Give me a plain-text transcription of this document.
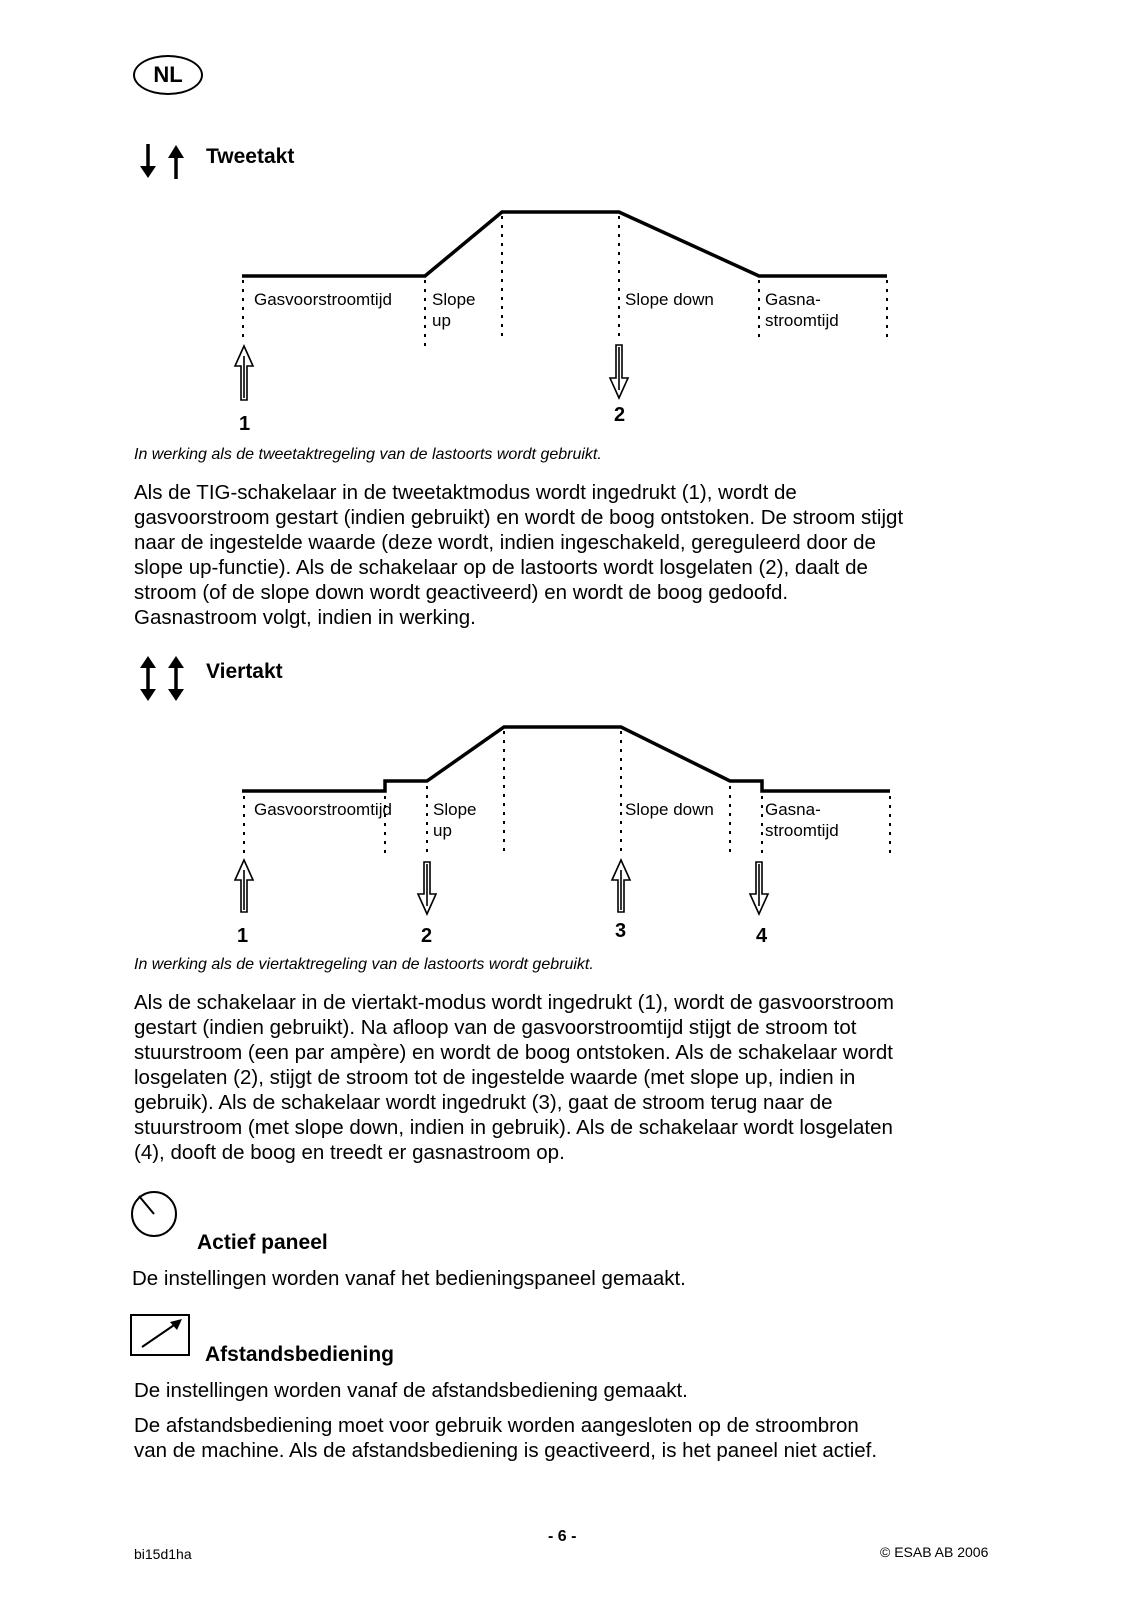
NL
Tweetakt
Gasvoorstroomtijd Slope
up
Slope down	Gasna-
stroomtijd
1	2
In werking als de tweetaktregeling van de lastoorts wordt gebruikt.
Als de TIG-schakelaar in de tweetaktmodus wordt ingedrukt (1), wordt de
gasvoorstroom gestart (indien gebruikt) en wordt de boog ontstoken. De stroom stijgt
naar de ingestelde waarde (deze wordt, indien ingeschakeld, gereguleerd door de
slope up-functie). Als de schakelaar op de lastoorts wordt losgelaten (2), daalt de
stroom (of de slope down wordt geactiveerd) en wordt de boog gedoofd.
Gasnastroom volgt, indien in werking.
Viertakt
Gasvoorstroomtijd Slope
up
Slope down	Gasna-
stroomtijd
1	2	3	4
In werking als de viertaktregeling van de lastoorts wordt gebruikt.
Als de schakelaar in de viertakt-modus wordt ingedrukt (1), wordt de gasvoorstroom
gestart (indien gebruikt). Na afloop van de gasvoorstroomtijd stijgt de stroom tot
stuurstroom (een par ampère) en wordt de boog ontstoken. Als de schakelaar wordt
losgelaten (2), stijgt de stroom tot de ingestelde waarde (met slope up, indien in
gebruik). Als de schakelaar wordt ingedrukt (3), gaat de stroom terug naar de
stuurstroom (met slope down, indien in gebruik). Als de schakelaar wordt losgelaten
(4), dooft de boog en treedt er gasnastroom op.
Actief paneel
De instellingen worden vanaf het bedieningspaneel gemaakt.
Afstandsbediening
De instellingen worden vanaf de afstandsbediening gemaakt.
De afstandsbediening moet voor gebruik worden aangesloten op de stroombron
van de machine. Als de afstandsbediening is geactiveerd, is het paneel niet actief.
- 6 -
bi15d1ha	© ESAB AB 2006
